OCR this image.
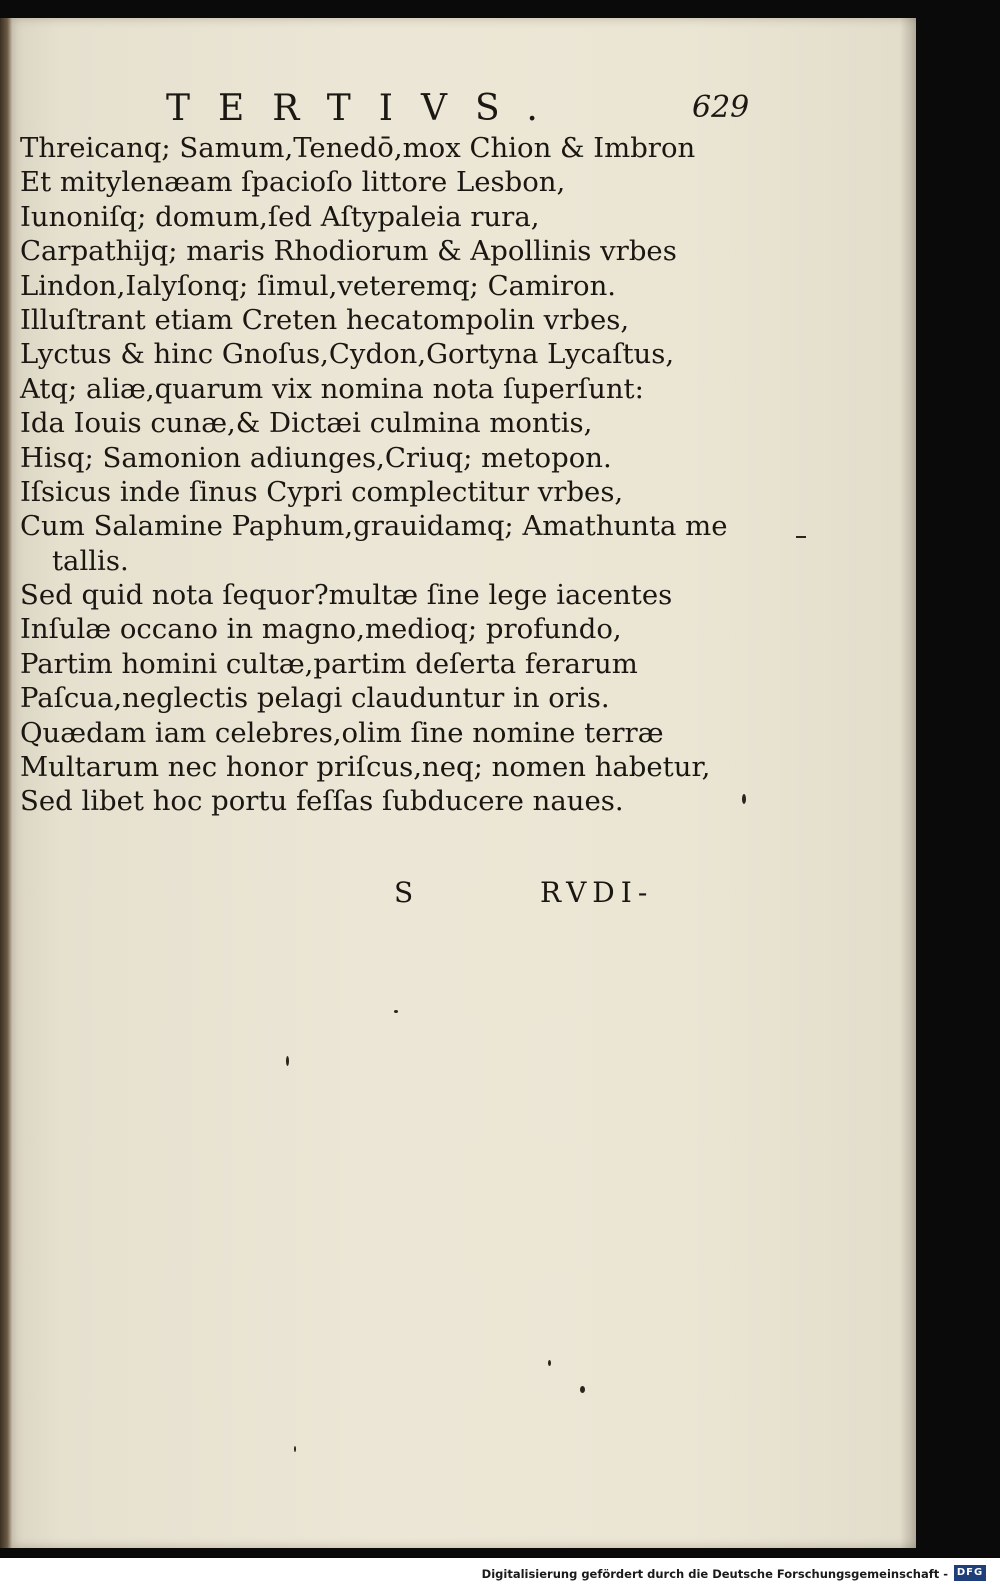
TERTIVS.	629
Threicanq; Samum,Tenedō,mox Chion & Imbron
Et mitylenæam ſpacioſo littore Lesbon,
Iunoniſq; domum,ſed Aſtypaleia rura,
Carpathijq; maris Rhodiorum & Apollinis vrbes
Lindon,Ialyſonq; ſimul,veteremq; Camiron.
Illuſtrant etiam Creten hecatompolin vrbes,
Lyctus & hinc Gnoſus,Cydon,Gortyna Lycaſtus,
Atq; aliæ,quarum vix nomina nota ſuperſunt:
Ida Iouis cunæ,& Dictæi culmina montis,
Hisq; Samonion adiunges,Criuq; metopon.
Iſsicus inde ſinus Cypri complectitur vrbes,
Cum Salamine Paphum,grauidamq; Amathunta me
tallis.
Sed quid nota ſequor?multæ ſine lege iacentes
Inſulæ occano in magno,medioq; profundo,
Partim homini cultæ,partim deſerta ferarum
Paſcua,neglectis pelagi clauduntur in oris.
Quædam iam celebres,olim ſine nomine terræ
Multarum nec honor priſcus,neq; nomen habetur,
Sed libet hoc portu feſſas ſubducere naues.
S	RVDI-
Digitalisierung gefördert durch die Deutsche Forschungsgemeinschaft - DFG
